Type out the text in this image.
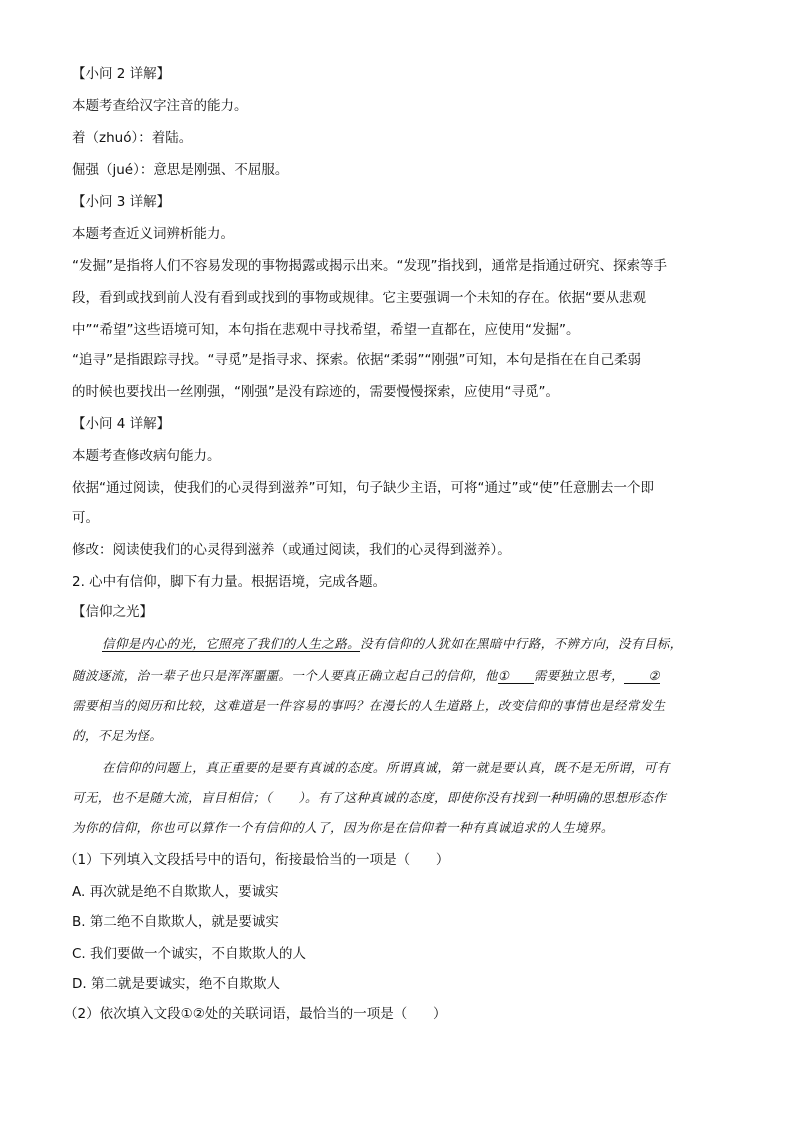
【小问 2 详解】
本题考查给汉字注音的能力。
着（zhuó）：着陆。
倔强（jué）：意思是刚强、不屈服。
【小问 3 详解】
本题考查近义词辨析能力。
“发掘”是指将人们不容易发现的事物揭露或揭示出来。“发现”指找到，通常是指通过研究、探索等手
段，看到或找到前人没有看到或找到的事物或规律。它主要强调一个未知的存在。依据“要从悲观
中”“希望”这些语境可知，本句指在悲观中寻找希望，希望一直都在，应使用“发掘”。
“追寻”是指跟踪寻找。“寻觅”是指寻求、探索。依据“柔弱”“刚强”可知，本句是指在在自己柔弱
的时候也要找出一丝刚强，“刚强”是没有踪迹的，需要慢慢探索，应使用“寻觅”。
【小问 4 详解】
本题考查修改病句能力。
依据“通过阅读，使我们的心灵得到滋养”可知，句子缺少主语，可将“通过”或“使”任意删去一个即
可。
修改：阅读使我们的心灵得到滋养（或通过阅读，我们的心灵得到滋养）。
2. 心中有信仰，脚下有力量。根据语境，完成各题。
【信仰之光】
信仰是内心的光，它照亮了我们的人生之路。没有信仰的人犹如在黑暗中行路，不辨方向，没有目标，
随波逐流，治一辈子也只是浑浑噩噩。一个人要真正确立起自己的信仰，他① 需要独立思考， ②
需要相当的阅历和比较，这难道是一件容易的事吗？在漫长的人生道路上，改变信仰的事情也是经常发生
的，不足为怪。
在信仰的问题上，真正重要的是要有真诚的态度。所谓真诚，第一就是要认真，既不是无所谓，可有
可无，也不是随大流，盲目相信；（      ）。有了这种真诚的态度，即使你没有找到一种明确的思想形态作
为你的信仰，你也可以算作一个有信仰的人了，因为你是在信仰着一种有真诚追求的人生境界。
（1）下列填入文段括号中的语句，衔接最恰当的一项是（      ）
A. 再次就是绝不自欺欺人，要诚实
B. 第二绝不自欺欺人，就是要诚实
C. 我们要做一个诚实，不自欺欺人的人
D. 第二就是要诚实，绝不自欺欺人
（2）依次填入文段①②处的关联词语，最恰当的一项是（      ）
